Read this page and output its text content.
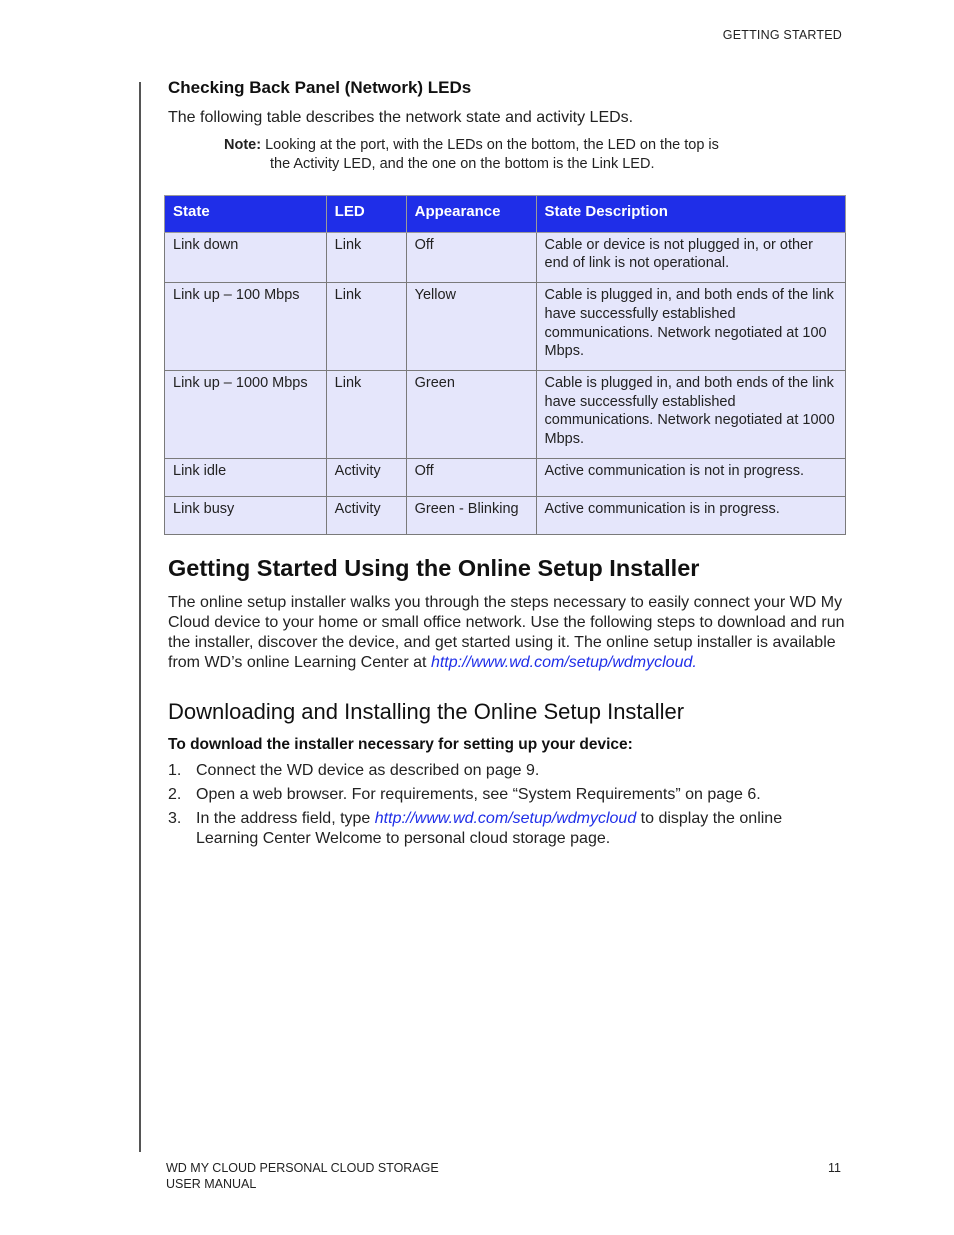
GETTING STARTED
Checking Back Panel (Network) LEDs

The following table describes the network state and activity LEDs.

Note: Looking at the port, with the LEDs on the bottom, the LED on the top is
the Activity LED, and the one on the bottom is the Link LED.
State	LED	Appearance	State Description
Link down	Link	Off	Cable or device is not plugged in, or other end of link is not operational.
Link up – 100 Mbps	Link	Yellow	Cable is plugged in, and both ends of the link have successfully established communications. Network negotiated at 100 Mbps.
Link up – 1000 Mbps	Link	Green	Cable is plugged in, and both ends of the link have successfully established communications. Network negotiated at 1000 Mbps.
Link idle	Activity	Off	Active communication is not in progress.
Link busy	Activity	Green - Blinking	Active communication is in progress.
Getting Started Using the Online Setup Installer

The online setup installer walks you through the steps necessary to easily connect your WD My Cloud device to your home or small office network. Use the following steps to download and run the installer, discover the device, and get started using it. The online setup installer is available from WD’s online Learning Center at http://www.wd.com/setup/wdmycloud.

Downloading and Installing the Online Setup Installer

To download the installer necessary for setting up your device:

1. Connect the WD device as described on page 9.
2. Open a web browser. For requirements, see “System Requirements” on page 6.
3. In the address field, type http://www.wd.com/setup/wdmycloud to display the online Learning Center Welcome to personal cloud storage page.
WD MY CLOUD PERSONAL CLOUD STORAGE
USER MANUAL
11
